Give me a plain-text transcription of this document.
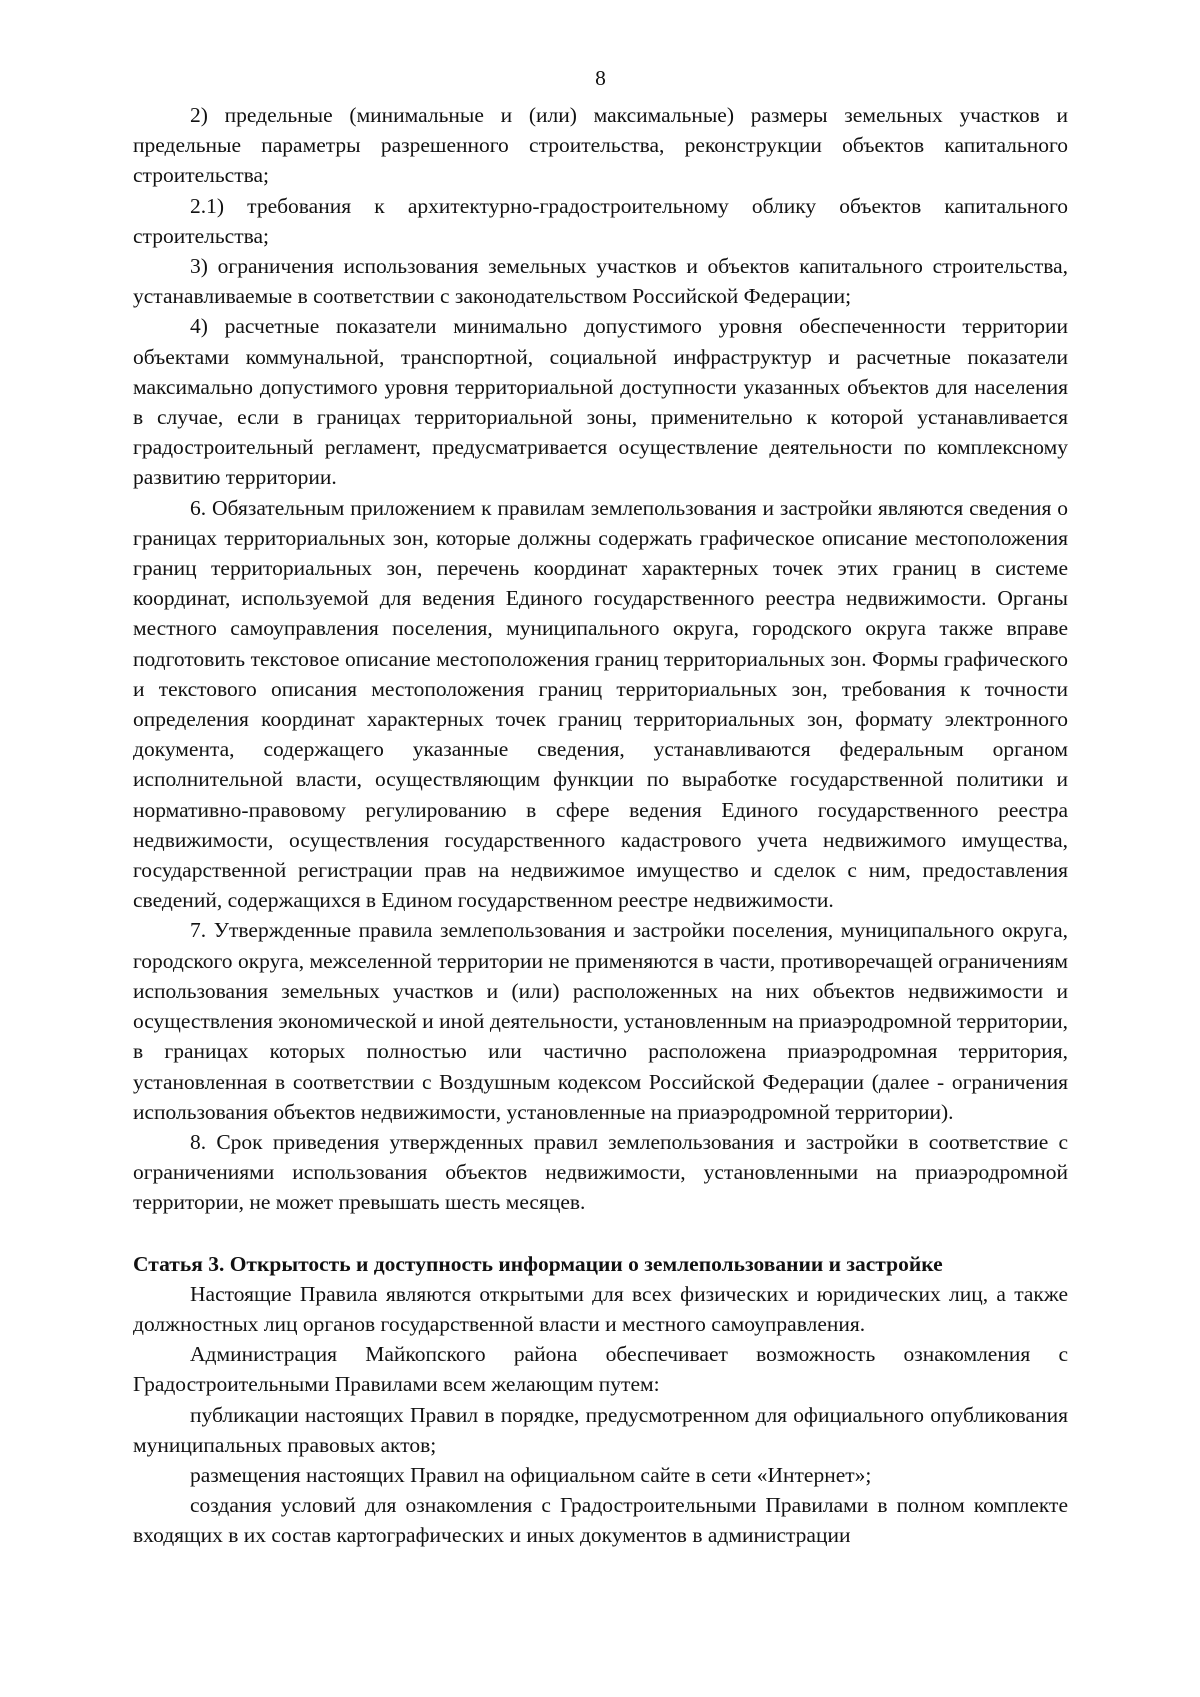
8

2) предельные (минимальные и (или) максимальные) размеры земельных участков и предельные параметры разрешенного строительства, реконструкции объектов капитального строительства;

2.1) требования к архитектурно-градостроительному облику объектов капитального строительства;

3) ограничения использования земельных участков и объектов капитального строительства, устанавливаемые в соответствии с законодательством Российской Федерации;

4) расчетные показатели минимально допустимого уровня обеспеченности территории объектами коммунальной, транспортной, социальной инфраструктур и расчетные показатели максимально допустимого уровня территориальной доступности указанных объектов для населения в случае, если в границах территориальной зоны, применительно к которой устанавливается градостроительный регламент, предусматривается осуществление деятельности по комплексному развитию территории.

6. Обязательным приложением к правилам землепользования и застройки являются сведения о границах территориальных зон, которые должны содержать графическое описание местоположения границ территориальных зон, перечень координат характерных точек этих границ в системе координат, используемой для ведения Единого государственного реестра недвижимости. Органы местного самоуправления поселения, муниципального округа, городского округа также вправе подготовить текстовое описание местоположения границ территориальных зон. Формы графического и текстового описания местоположения границ территориальных зон, требования к точности определения координат характерных точек границ территориальных зон, формату электронного документа, содержащего указанные сведения, устанавливаются федеральным органом исполнительной власти, осуществляющим функции по выработке государственной политики и нормативно-правовому регулированию в сфере ведения Единого государственного реестра недвижимости, осуществления государственного кадастрового учета недвижимого имущества, государственной регистрации прав на недвижимое имущество и сделок с ним, предоставления сведений, содержащихся в Едином государственном реестре недвижимости.

7. Утвержденные правила землепользования и застройки поселения, муниципального округа, городского округа, межселенной территории не применяются в части, противоречащей ограничениям использования земельных участков и (или) расположенных на них объектов недвижимости и осуществления экономической и иной деятельности, установленным на приаэродромной территории, в границах которых полностью или частично расположена приаэродромная территория, установленная в соответствии с Воздушным кодексом Российской Федерации (далее - ограничения использования объектов недвижимости, установленные на приаэродромной территории).

8. Срок приведения утвержденных правил землепользования и застройки в соответствие с ограничениями использования объектов недвижимости, установленными на приаэродромной территории, не может превышать шесть месяцев.

Статья 3. Открытость и доступность информации о землепользовании и застройке

Настоящие Правила являются открытыми для всех физических и юридических лиц, а также должностных лиц органов государственной власти и местного самоуправления.

Администрация Майкопского района обеспечивает возможность ознакомления с Градостроительными Правилами всем желающим путем:

публикации настоящих Правил в порядке, предусмотренном для официального опубликования муниципальных правовых актов;

размещения настоящих Правил на официальном сайте в сети «Интернет»;

создания условий для ознакомления с Градостроительными Правилами в полном комплекте входящих в их состав картографических и иных документов в администрации
